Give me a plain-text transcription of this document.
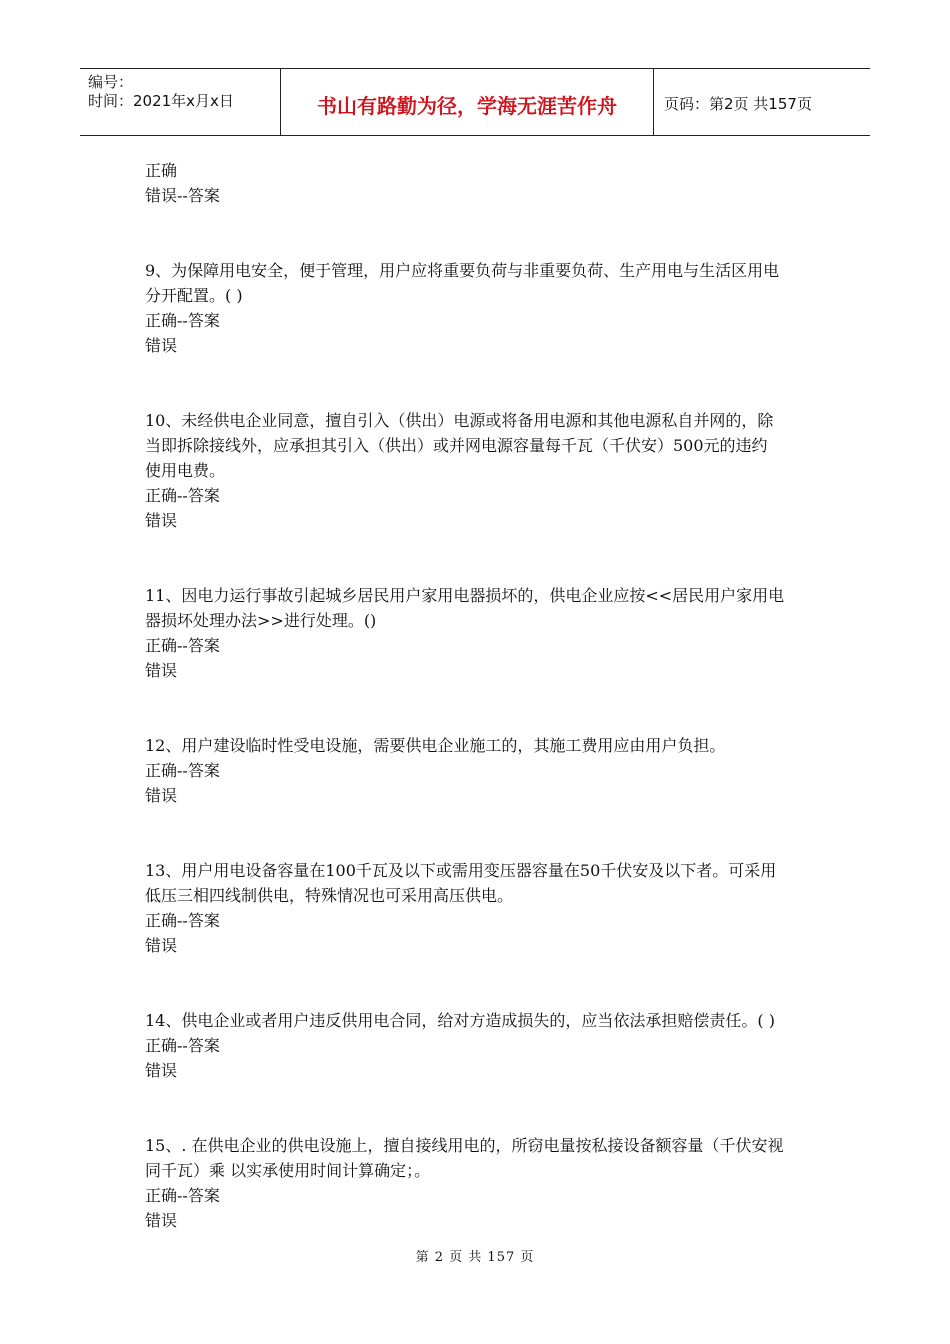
编号：
时间：2021年x月x日	书山有路勤为径，学海无涯苦作舟	页码：第2页 共157页
正确
错误--答案
9、为保障用电安全，便于管理，用户应将重要负荷与非重要负荷、生产用电与生活区用电
分开配置。( )
正确--答案
错误
10、未经供电企业同意，擅自引入（供出）电源或将备用电源和其他电源私自并网的，除
当即拆除接线外，应承担其引入（供出）或并网电源容量每千瓦（千伏安）500元的违约
使用电费。
正确--答案
错误
11、因电力运行事故引起城乡居民用户家用电器损坏的，供电企业应按<<居民用户家用电
器损坏处理办法>>进行处理。()
正确--答案
错误
12、用户建设临时性受电设施，需要供电企业施工的，其施工费用应由用户负担。
正确--答案
错误
13、用户用电设备容量在100千瓦及以下或需用变压器容量在50千伏安及以下者。可采用
低压三相四线制供电，特殊情况也可采用高压供电。
正确--答案
错误
14、供电企业或者用户违反供用电合同，给对方造成损失的，应当依法承担赔偿责任。( )
正确--答案
错误
15、. 在供电企业的供电设施上，擅自接线用电的，所窃电量按私接设备额容量（千伏安视
同千瓦）乘 以实承使用时间计算确定；。
正确--答案
错误
第 2 页 共 157 页
